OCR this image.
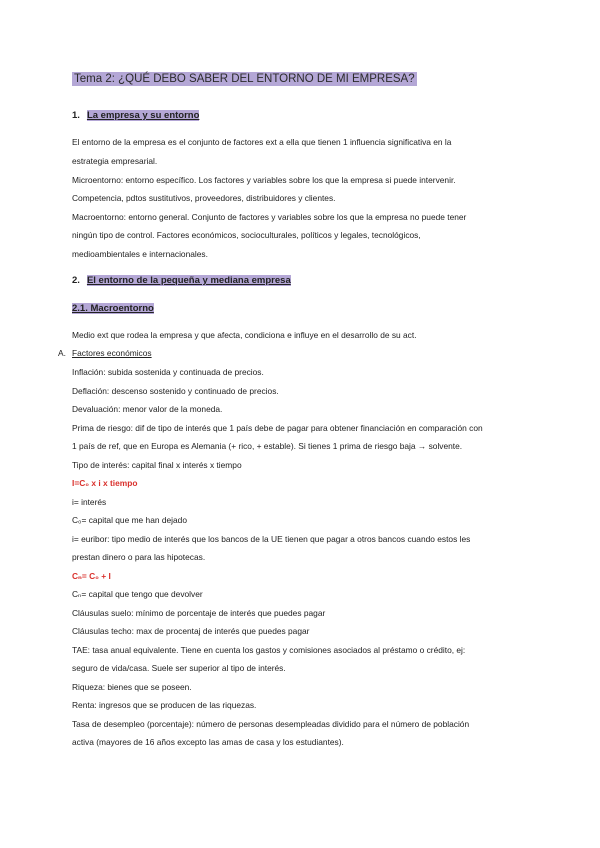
Tema 2: ¿QUÉ DEBO SABER DEL ENTORNO DE MI EMPRESA?
1. La empresa y su entorno
El entorno de la empresa es el conjunto de factores ext a ella que tienen 1 influencia significativa en la
estrategia empresarial.
Microentorno: entorno específico. Los factores y variables sobre los que la empresa si puede intervenir.
Competencia, pdtos sustitutivos, proveedores, distribuidores y clientes.
Macroentorno: entorno general. Conjunto de factores y variables sobre los que la empresa no puede tener
ningún tipo de control. Factores económicos, socioculturales, políticos y legales, tecnológicos,
medioambientales e internacionales.
2. El entorno de la pequeña y mediana empresa
2.1. Macroentorno
Medio ext que rodea la empresa y que afecta, condiciona e influye en el desarrollo de su act.
A. Factores económicos
Inflación: subida sostenida y continuada de precios.
Deflación: descenso sostenido y continuado de precios.
Devaluación: menor valor de la moneda.
Prima de riesgo: dif de tipo de interés que 1 país debe de pagar para obtener financiación en comparación con
1 país de ref, que en Europa es Alemania (+ rico, + estable). Si tienes 1 prima de riesgo baja → solvente.
Tipo de interés: capital final x interés x tiempo
I=C₀ x i x tiempo
i= interés
C₀= capital que me han dejado
i= euribor: tipo medio de interés que los bancos de la UE tienen que pagar a otros bancos cuando estos les
prestan dinero o para las hipotecas.
Cₙ= C₀ + I
Cₙ= capital que tengo que devolver
Cláusulas suelo: mínimo de porcentaje de interés que puedes pagar
Cláusulas techo: max de procentaj de interés que puedes pagar
TAE: tasa anual equivalente. Tiene en cuenta los gastos y comisiones asociados al préstamo o crédito, ej:
seguro de vida/casa. Suele ser superior al tipo de interés.
Riqueza: bienes que se poseen.
Renta: ingresos que se producen de las riquezas.
Tasa de desempleo (porcentaje): número de personas desempleadas dividido para el número de población
activa (mayores de 16 años excepto las amas de casa y los estudiantes).
